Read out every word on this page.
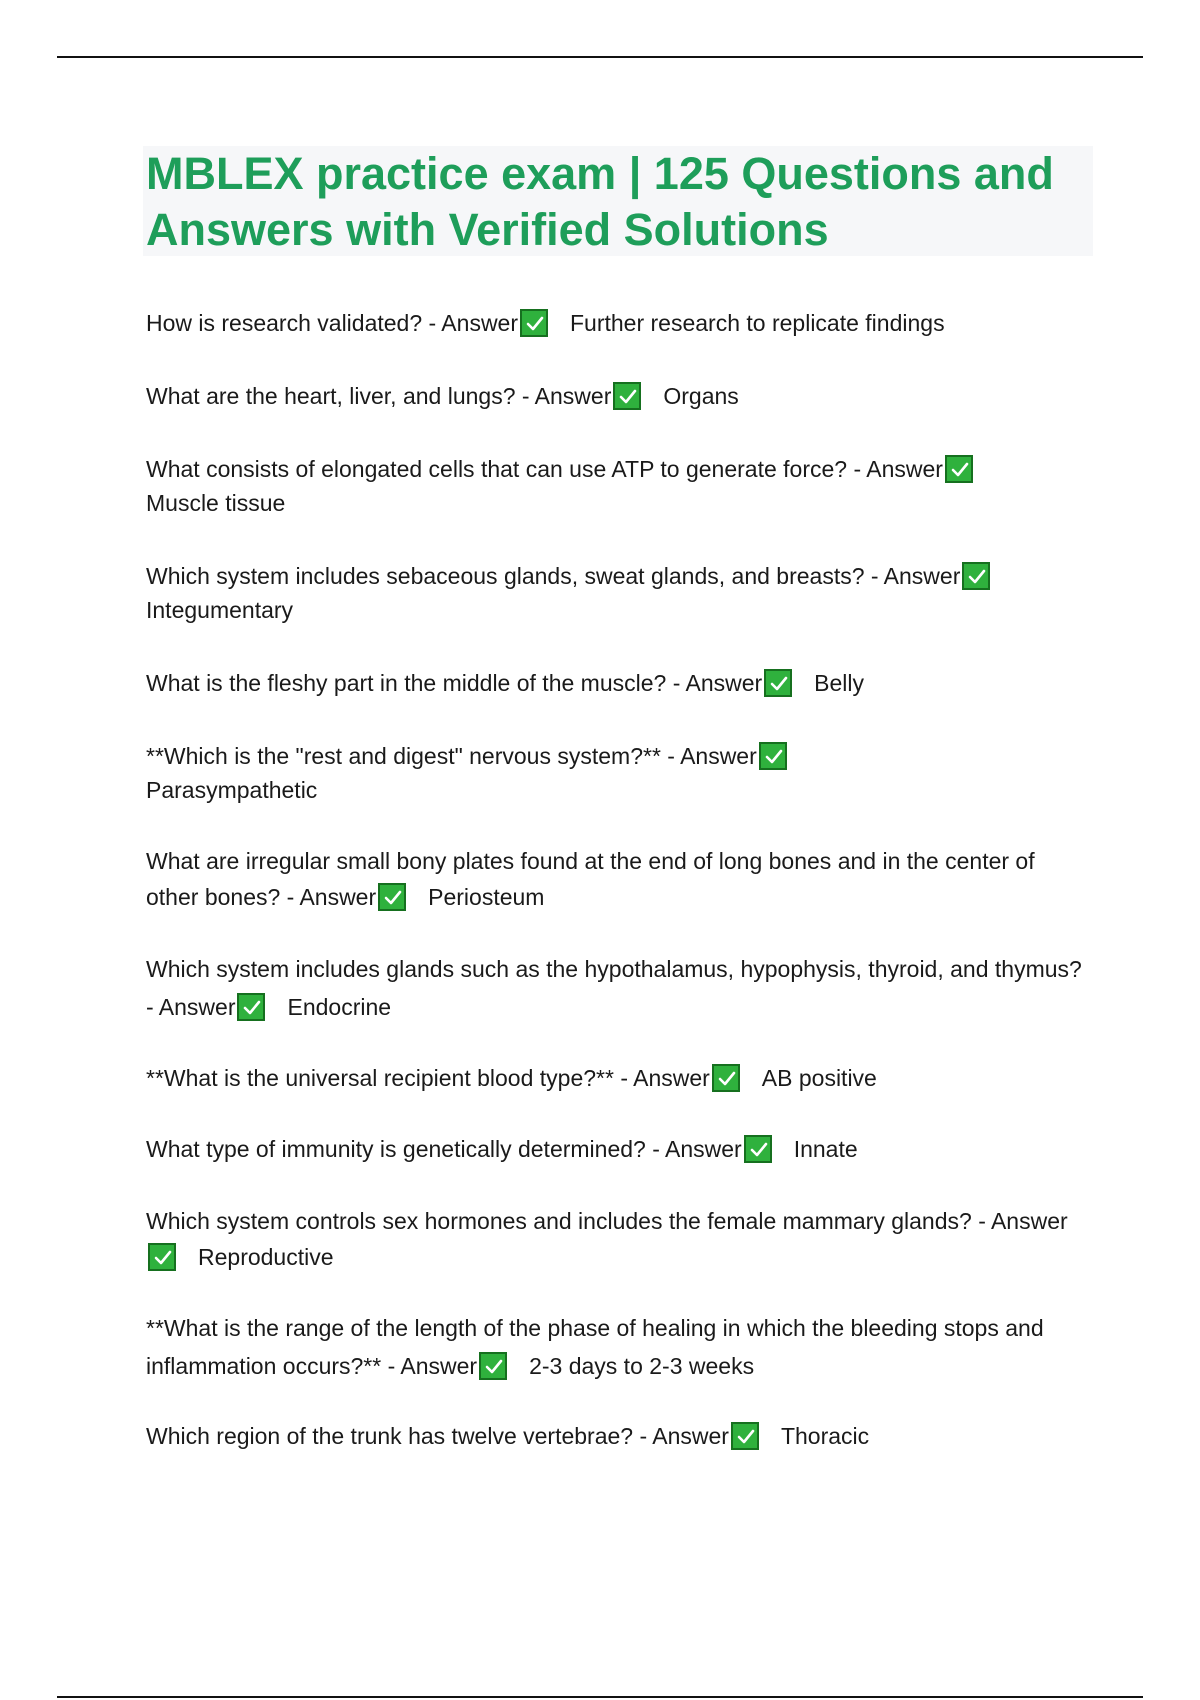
MBLEX practice exam | 125 Questions and Answers with Verified Solutions
How is research validated? - Answer Further research to replicate findings
What are the heart, liver, and lungs? - Answer Organs
What consists of elongated cells that can use ATP to generate force? - Answer
Muscle tissue
Which system includes sebaceous glands, sweat glands, and breasts? - Answer
Integumentary
What is the fleshy part in the middle of the muscle? - Answer Belly
**Which is the "rest and digest" nervous system?** - Answer
Parasympathetic
What are irregular small bony plates found at the end of long bones and in the center of other bones? - Answer Periosteum
Which system includes glands such as the hypothalamus, hypophysis, thyroid, and thymus? - Answer Endocrine
**What is the universal recipient blood type?** - Answer AB positive
What type of immunity is genetically determined? - Answer Innate
Which system controls sex hormones and includes the female mammary glands? - Answer
Reproductive
**What is the range of the length of the phase of healing in which the bleeding stops and inflammation occurs?** - Answer 2-3 days to 2-3 weeks
Which region of the trunk has twelve vertebrae? - Answer Thoracic
